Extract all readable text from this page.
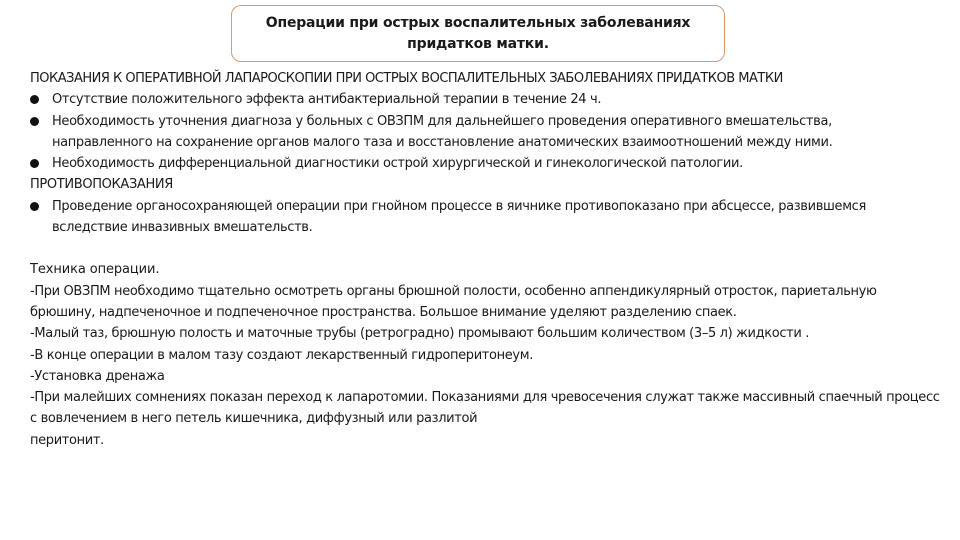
Операции при острых воспалительных заболеваниях придатков матки.
ПОКАЗАНИЯ К ОПЕРАТИВНОЙ ЛАПАРОСКОПИИ ПРИ ОСТРЫХ ВОСПАЛИТЕЛЬНЫХ ЗАБОЛЕВАНИЯХ ПРИДАТКОВ МАТКИ
Отсутствие положительного эффекта антибактериальной терапии в течение 24 ч.
Необходимость уточнения диагноза у больных с ОВЗПМ для дальнейшего проведения оперативного вмешательства, направленного на сохранение органов малого таза и восстановление анатомических взаимоотношений между ними.
Необходимость дифференциальной диагностики острой хирургической и гинекологической патологии.
ПРОТИВОПОКАЗАНИЯ
Проведение органосохраняющей операции при гнойном процессе в яичнике противопоказано при абсцессе, развившемся вследствие инвазивных вмешательств.

Техника операции.

-При ОВЗПМ необходимо тщательно осмотреть органы брюшной полости, особенно аппендикулярный отросток, париетальную брюшину, надпеченочное и подпеченочное пространства. Большое внимание уделяют разделению спаек.

-Малый таз, брюшную полость и маточные трубы (ретроградно) промывают большим количеством (3–5 л) жидкости .

-В конце операции в малом тазу создают лекарственный гидроперитонеум.

-Установка дренажа

-При малейших сомнениях показан переход к лапаротомии. Показаниями для чревосечения служат также массивный спаечный процесс с вовлечением в него петель кишечника, диффузный или разлитой

перитонит.
